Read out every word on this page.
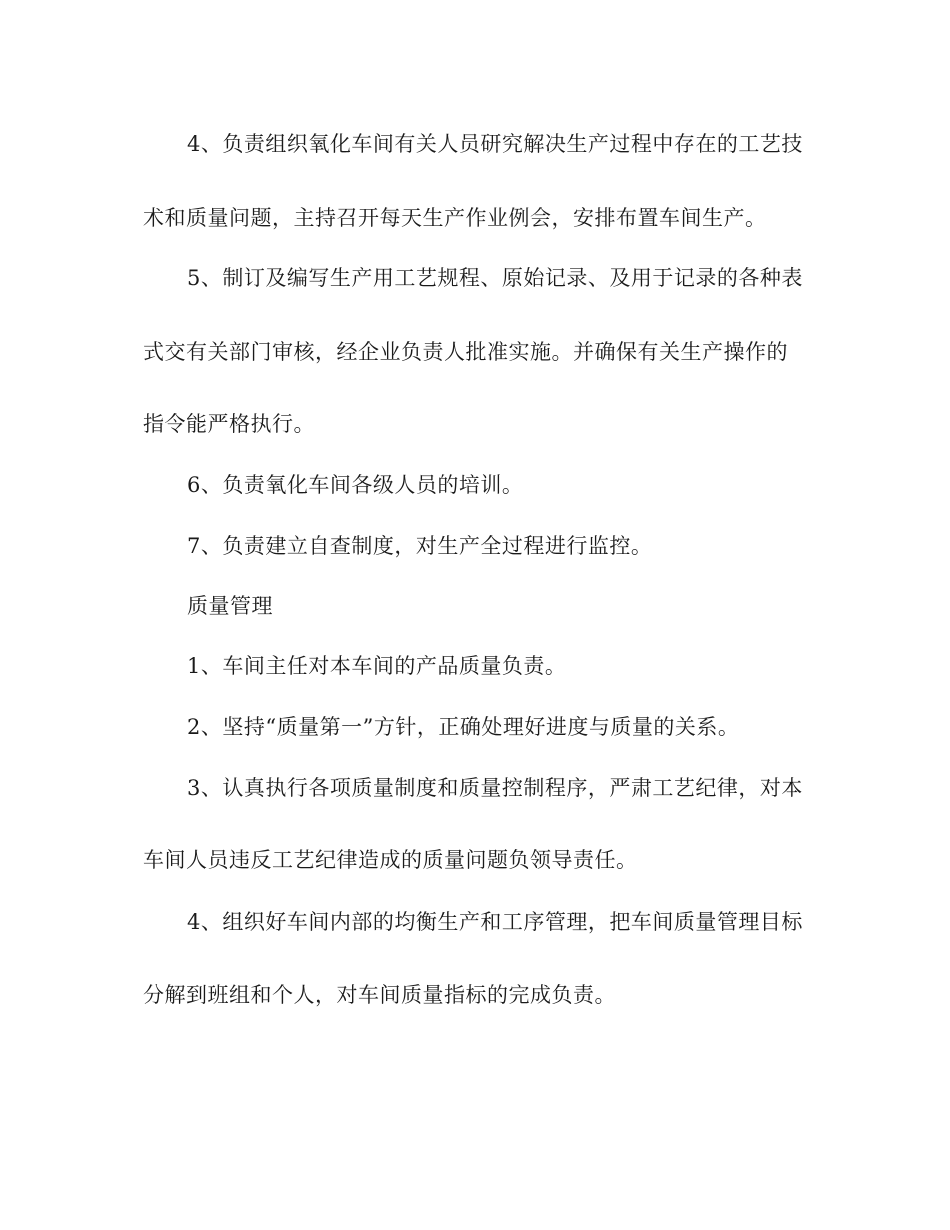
4、负责组织氧化车间有关人员研究解决生产过程中存在的工艺技
术和质量问题，主持召开每天生产作业例会，安排布置车间生产。
5、制订及编写生产用工艺规程、原始记录、及用于记录的各种表
式交有关部门审核，经企业负责人批准实施。并确保有关生产操作的
指令能严格执行。
6、负责氧化车间各级人员的培训。
7、负责建立自查制度，对生产全过程进行监控。
质量管理
1、车间主任对本车间的产品质量负责。
2、坚持“质量第一”方针，正确处理好进度与质量的关系。
3、认真执行各项质量制度和质量控制程序，严肃工艺纪律，对本
车间人员违反工艺纪律造成的质量问题负领导责任。
4、组织好车间内部的均衡生产和工序管理，把车间质量管理目标
分解到班组和个人，对车间质量指标的完成负责。
